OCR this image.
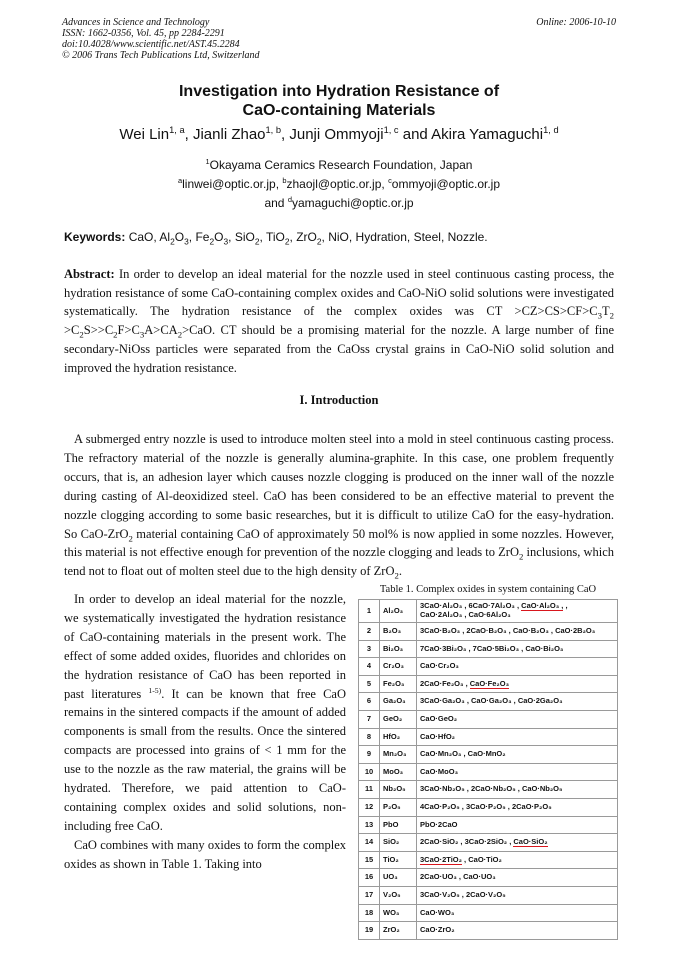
Advances in Science and Technology
ISSN: 1662-0356, Vol. 45, pp 2284-2291
doi:10.4028/www.scientific.net/AST.45.2284
© 2006 Trans Tech Publications Ltd, Switzerland
Online: 2006-10-10
Investigation into Hydration Resistance of
CaO-containing Materials
Wei Lin$^{1, a}$, Jianli Zhao$^{1, b}$, Junji Ommyoji$^{1, c}$ and Akira Yamaguchi$^{1, d}$
$^1$Okayama Ceramics Research Foundation, Japan
$^a$linwei@optic.or.jp, $^b$zhaojl@optic.or.jp, $^c$ommyoji@optic.or.jp
and $^d$yamaguchi@optic.or.jp
Keywords: CaO, $Al_2O_3$, $Fe_2O_3$, SiO$_2$, TiO$_2$, ZrO$_2$, NiO, Hydration, Steel, Nozzle.

Abstract: In order to develop an ideal material for the nozzle used in steel continuous casting process, the hydration resistance of some CaO-containing complex oxides and CaO-NiO solid solutions were investigated systematically. The hydration resistance of the complex oxides was CT $>CZ>CS>CF>C_3T_2 >C_2S>>C_2F>C_3A>CA_2>CaO$. CT should be a promising material for the nozzle. A large number of fine secondary-NiOss particles were separated from the CaOss crystal grains in CaO-NiO solid solution and improved the hydration resistance.

I. Introduction

A submerged entry nozzle is used to introduce molten steel into a mold in steel continuous casting process. The refractory material of the nozzle is generally alumina-graphite. In this case, one problem frequently occurs, that is, an adhesion layer which causes nozzle clogging is produced on the inner wall of the nozzle during casting of Al-deoxidized steel. CaO has been considered to be an effective material to prevent the nozzle clogging according to some basic researches, but it is difficult to utilize CaO for the easy-hydration. So CaO-ZrO$_2$ material containing CaO of approximately 50 mol% is now applied in some nozzles. However, this material is not effective enough for prevention of the nozzle clogging and leads to ZrO$_2$ inclusions, which tend not to float out of molten steel due to the high density of ZrO$_2$.

In order to develop an ideal material for the nozzle, we systematically investigated the hydration resistance of CaO-containing materials in the present work. The effect of some added oxides, fluorides and chlorides on the hydration resistance of CaO has been reported in past literatures $^{1-5)}$. It can be known that free CaO remains in the sintered compacts if the amount of added components is small from the results. Once the sintered compacts are processed into grains of < 1 mm for the use to the nozzle as the raw material, the grains will be hydrated. Therefore, we paid attention to CaO-containing complex oxides and solid solutions, non-including free CaO.

CaO combines with many oxides to form the complex oxides as shown in Table 1. Taking into

Table 1. Complex oxides in system containing CaO
1	Al₂O₃	3CaO·Al₂O₃ , 6CaO·7Al₂O₃ , CaO·Al₂O₃ , ,
CaO·2Al₂O₃ , CaO·6Al₂O₃
2	B₂O₃	3CaO·B₂O₃ , 2CaO·B₂O₃ , CaO·B₂O₃ , CaO·2B₂O₃
3	Bi₂O₃	7CaO·3Bi₂O₃ , 7CaO·5Bi₂O₃ , CaO·Bi₂O₃
4	Cr₂O₃	CaO·Cr₂O₃
5	Fe₂O₃	2CaO·Fe₂O₃ , CaO·Fe₂O₃
6	Ga₂O₃	3CaO·Ga₂O₃ , CaO·Ga₂O₃ , CaO·2Ga₂O₃
7	GeO₂	CaO·GeO₂
8	HfO₂	CaO·HfO₂
9	Mn₂O₃	CaO·Mn₂O₃ , CaO·MnO₂
10	MoO₃	CaO·MoO₃
11	Nb₂O₅	3CaO·Nb₂O₅ , 2CaO·Nb₂O₅ , CaO·Nb₂O₅
12	P₂O₅	4CaO·P₂O₅ , 3CaO·P₂O₅ , 2CaO·P₂O₅
13	PbO	PbO·2CaO
14	SiO₂	2CaO·SiO₂ , 3CaO·2SiO₂ , CaO·SiO₂
15	TiO₂	3CaO·2TiO₂ , CaO·TiO₂
16	UO₃	2CaO·UO₃ , CaO·UO₃
17	V₂O₅	3CaO·V₂O₅ , 2CaO·V₂O₅
18	WO₃	CaO·WO₃
19	ZrO₂	CaO·ZrO₂
